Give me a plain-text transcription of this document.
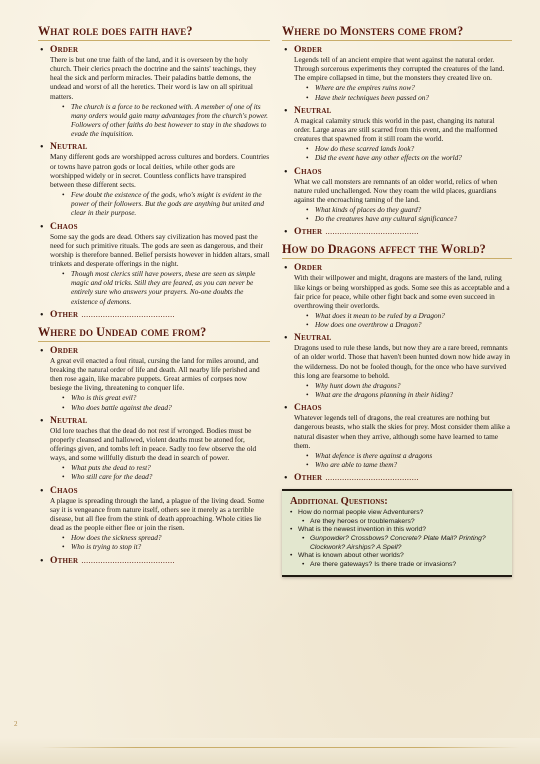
What role does faith have?
• Order

There is but one true faith of the land, and it is overseen by the holy church. Their clerics preach the doctrine and the saints' teachings, they heal the sick and perform miracles. Their paladins battle demons, the undead and worst of all the heretics. Their word is law on all spiritual matters.

• The church is a force to be reckoned with. A member of one of its many orders would gain many advantages from the church's power. Followers of other faiths do best however to stay in the shadows to evade the inquisition.
• Neutral

Many different gods are worshipped across cultures and borders. Countries or towns have patron gods or local deities, while other gods are worshipped widely or in secret. Countless conflicts have transpired between these different sects.

• Few doubt the existence of the gods, who's might is evident in the power of their followers. But the gods are anything but united and clear in their purpose.
• Chaos

Some say the gods are dead. Others say civilization has moved past the need for such primitive rituals. The gods are seen as dangerous, and their worship is therefore banned. Belief persists however in hidden altars, small trinkets and desperate offerings in the night.

• Though most clerics still have powers, these are seen as simple magic and old tricks. Still they are feared, as you can never be entirely sure who answers your prayers. No-one doubts the existence of demons.
• Other .......................................
Where do Undead come from?
• Order

A great evil enacted a foul ritual, cursing the land for miles around, and breaking the natural order of life and death. All nearby life perished and then rose again, like macabre puppets. Great armies of corpses now besiege the living, threatening to conquer life.

• Who is this great evil?
• Who does battle against the dead?
• Neutral

Old lore teaches that the dead do not rest if wronged. Bodies must be properly cleansed and hallowed, violent deaths must be atoned for, offerings given, and tombs left in peace. Sadly too few observe the old ways, and some willfully disturb the dead in search of power.

• What puts the dead to rest?
• Who still care for the dead?
• Chaos

A plague is spreading through the land, a plague of the living dead. Some say it is vengeance from nature itself, others see it merely as a terrible disease, but all flee from the stink of death approaching. Whole cities lie dead as the people either flee or join the risen.

• How does the sickness spread?
• Who is trying to stop it?
• Other .......................................
Where do Monsters come from?
• Order

Legends tell of an ancient empire that went against the natural order. Through sorcerous experiments they corrupted the creatures of the land. The empire collapsed in time, but the monsters they created live on.

• Where are the empires ruins now?
• Have their techniques been passed on?
• Neutral

A magical calamity struck this world in the past, changing its natural order. Large areas are still scarred from this event, and the malformed creatures that spawned from it still roam the world.

• How do these scarred lands look?
• Did the event have any other effects on the world?
• Chaos

What we call monsters are remnants of an older world, relics of when nature ruled unchallenged. Now they roam the wild places, guardians against the encroaching taming of the land.

• What kinds of places do they guard?
• Do the creatures have any cultural significance?
• Other .......................................
How do Dragons affect the World?
• Order

With their willpower and might, dragons are masters of the land, ruling like kings or being worshipped as gods. Some see this as acceptable and a fair price for peace, while other fight back and some even succeed in overthrowing their overlords.

• What does it mean to be ruled by a Dragon?
• How does one overthrow a Dragon?
• Neutral

Dragons used to rule these lands, but now they are a rare breed, remnants of an older world. Those that haven't been hunted down now hide away in the wilderness. Do not be fooled though, for the once who have survived this long are fearsome to behold.

• Why hunt down the dragons?
• What are the dragons planning in their hiding?
• Chaos

Whatever legends tell of dragons, the real creatures are nothing but dangerous beasts, who stalk the skies for prey. Most consider them alike a natural disaster when they arrive, although some have learned to tame them.

• What defence is there against a dragons
• Who are able to tame them?
• Other .......................................
Additional Questions:
• How do normal people view Adventurers?
• Are they heroes or troublemakers?
• What is the newest invention in this world?
• Gunpowder? Crossbows? Concrete? Plate Mail? Printing? Clockwork? Airships? A Spell?
• What is known about other worlds?
• Are there gateways? Is there trade or invasions?
2
